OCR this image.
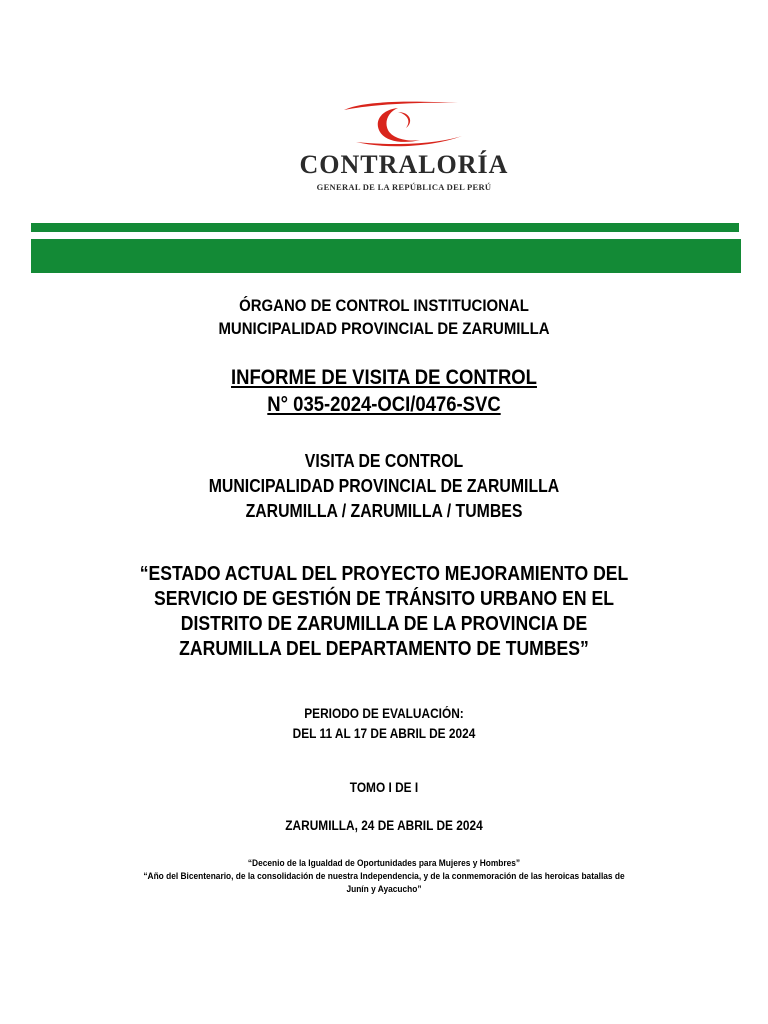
CONTRALORÍA
GENERAL DE LA REPÚBLICA DEL PERÚ
ÓRGANO DE CONTROL INSTITUCIONAL
MUNICIPALIDAD PROVINCIAL DE ZARUMILLA
INFORME DE VISITA DE CONTROL
N° 035-2024-OCI/0476-SVC
VISITA DE CONTROL
MUNICIPALIDAD PROVINCIAL DE ZARUMILLA
ZARUMILLA / ZARUMILLA / TUMBES
“ESTADO ACTUAL DEL PROYECTO MEJORAMIENTO DEL
SERVICIO DE GESTIÓN DE TRÁNSITO URBANO EN EL
DISTRITO DE ZARUMILLA DE LA PROVINCIA DE
ZARUMILLA DEL DEPARTAMENTO DE TUMBES”
PERIODO DE EVALUACIÓN:
DEL 11 AL 17 DE ABRIL DE 2024
TOMO I DE I
ZARUMILLA, 24 DE ABRIL DE 2024
“Decenio de la Igualdad de Oportunidades para Mujeres y Hombres”
“Año del Bicentenario, de la consolidación de nuestra Independencia, y de la conmemoración de las heroicas batallas de
Junín y Ayacucho”
